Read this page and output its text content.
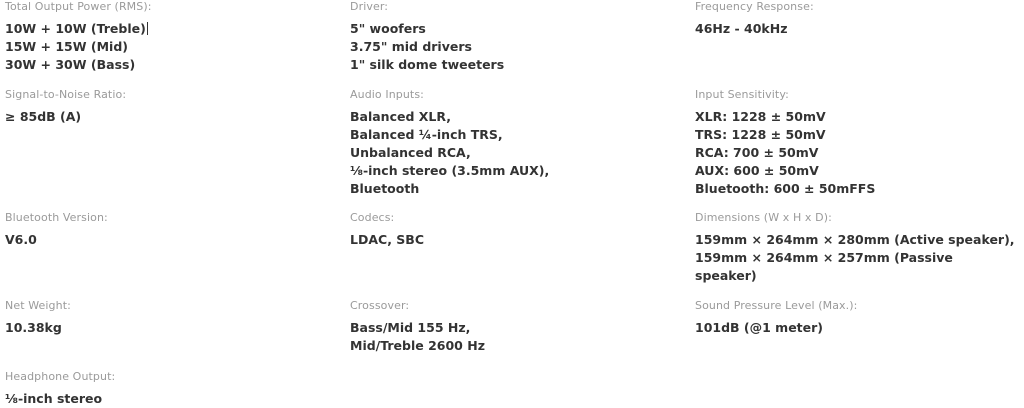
Total Output Power (RMS):
10W + 10W (Treble)
15W + 15W (Mid)
30W + 30W (Bass)
Driver:
5" woofers
3.75" mid drivers
1" silk dome tweeters
Frequency Response:
46Hz - 40kHz
Signal-to-Noise Ratio:
≥ 85dB (A)
Audio Inputs:
Balanced XLR,
Balanced ¼-inch TRS,
Unbalanced RCA,
⅛-inch stereo (3.5mm AUX),
Bluetooth
Input Sensitivity:
XLR: 1228 ± 50mV
TRS: 1228 ± 50mV
RCA: 700 ± 50mV
AUX: 600 ± 50mV
Bluetooth: 600 ± 50mFFS
Bluetooth Version:
V6.0
Codecs:
LDAC, SBC
Dimensions (W x H x D):
159mm × 264mm × 280mm (Active speaker),
159mm × 264mm × 257mm (Passive
speaker)
Net Weight:
10.38kg
Crossover:
Bass/Mid 155 Hz,
Mid/Treble 2600 Hz
Sound Pressure Level (Max.):
101dB (@1 meter)
Headphone Output:
⅛-inch stereo
